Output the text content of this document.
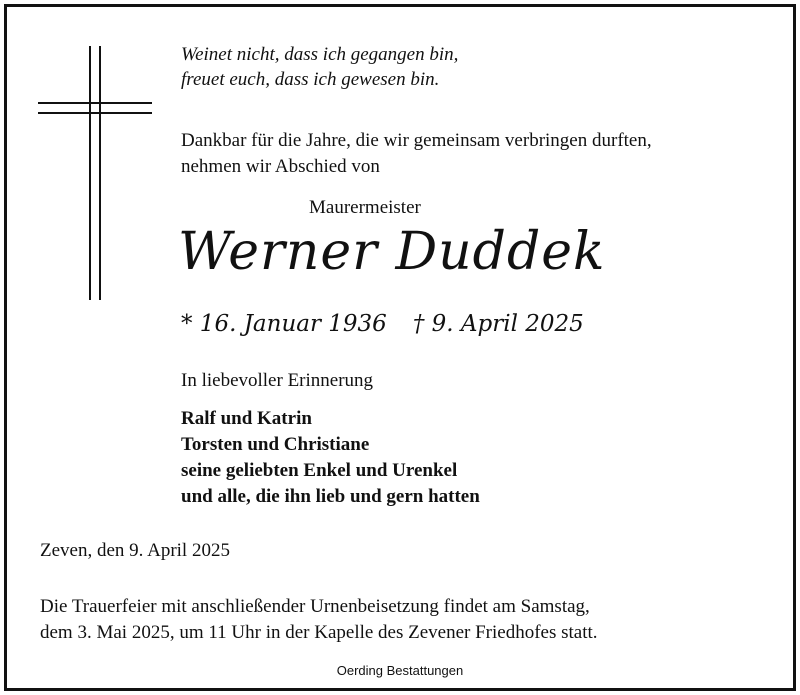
Weinet nicht, dass ich gegangen bin,
freuet euch, dass ich gewesen bin.
Dankbar für die Jahre, die wir gemeinsam verbringen durften,
nehmen wir Abschied von
Maurermeister
Werner Duddek
* 16. Januar 1936 † 9. April 2025
In liebevoller Erinnerung
Ralf und Katrin
Torsten und Christiane
seine geliebten Enkel und Urenkel
und alle, die ihn lieb und gern hatten
Zeven, den 9. April 2025
Die Trauerfeier mit anschließender Urnenbeisetzung findet am Samstag,
dem 3. Mai 2025, um 11 Uhr in der Kapelle des Zevener Friedhofes statt.
Oerding Bestattungen
